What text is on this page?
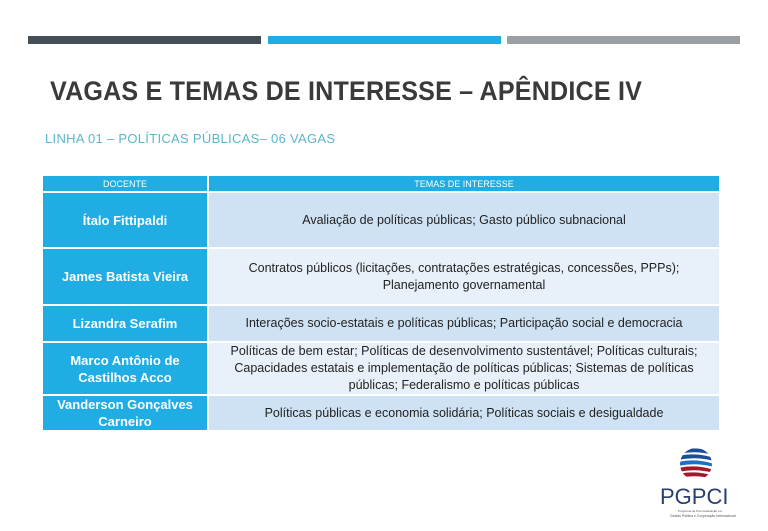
VAGAS E TEMAS DE INTERESSE – APÊNDICE IV
LINHA 01 – POLÍTICAS PÚBLICAS– 06 VAGAS
DOCENTE	TEMAS DE INTERESSE
Ítalo Fittipaldi	Avaliação de políticas públicas; Gasto público subnacional
James Batista Vieira	Contratos públicos (licitações, contratações estratégicas, concessões, PPPs); Planejamento governamental
Lizandra Serafim	Interações socio-estatais e políticas públicas; Participação social e democracia
Marco Antônio de Castilhos Acco	Políticas de bem estar; Políticas de desenvolvimento sustentável; Políticas culturais; Capacidades estatais e implementação de políticas públicas; Sistemas de políticas públicas; Federalismo e políticas públicas
Vanderson Gonçalves Carneiro	Políticas públicas e economia solidária; Políticas sociais e desigualdade
PGPCI
Programa de Pós-Graduação em
Gestão Pública e Cooperação Internacional
